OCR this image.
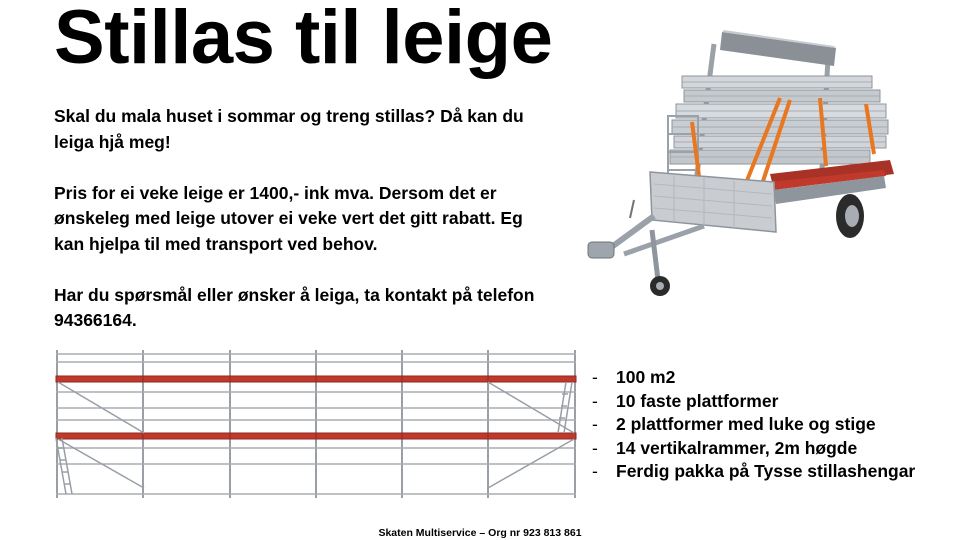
Stillas til leige

Skal du mala huset i sommar og treng stillas? Då kan du leiga hjå meg!

Pris for ei veke leige er 1400,- ink mva. Dersom det er ønskeleg med leige utover ei veke vert det gitt rabatt. Eg kan hjelpa til med transport ved behov.

Har du spørsmål eller ønsker å leiga, ta kontakt på telefon 94366164.

- 100 m2
- 10 faste plattformer
- 2 plattformer med luke og stige
- 14 vertikalrammer, 2m høgde
- Ferdig pakka på Tysse stillashengar
Skaten Multiservice – Org nr 923 813 861
